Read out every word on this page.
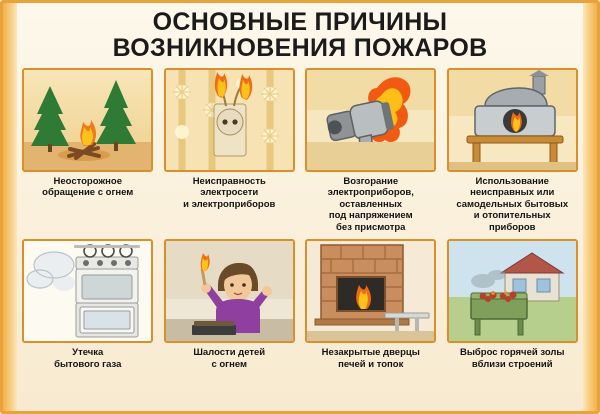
ОСНОВНЫЕ ПРИЧИНЫ
ВОЗНИКНОВЕНИЯ ПОЖАРОВ
Неосторожное
обращение с огнем
Неисправность
электросети
и электроприборов
Возгорание
электроприборов,
оставленных
под напряжением
без присмотра
Использование
неисправных или
самодельных бытовых
и отопительных
приборов
Утечка
бытового газа
Шалости детей
с огнем
Незакрытые дверцы
печей и топок
Выброс горячей золы
вблизи строений
